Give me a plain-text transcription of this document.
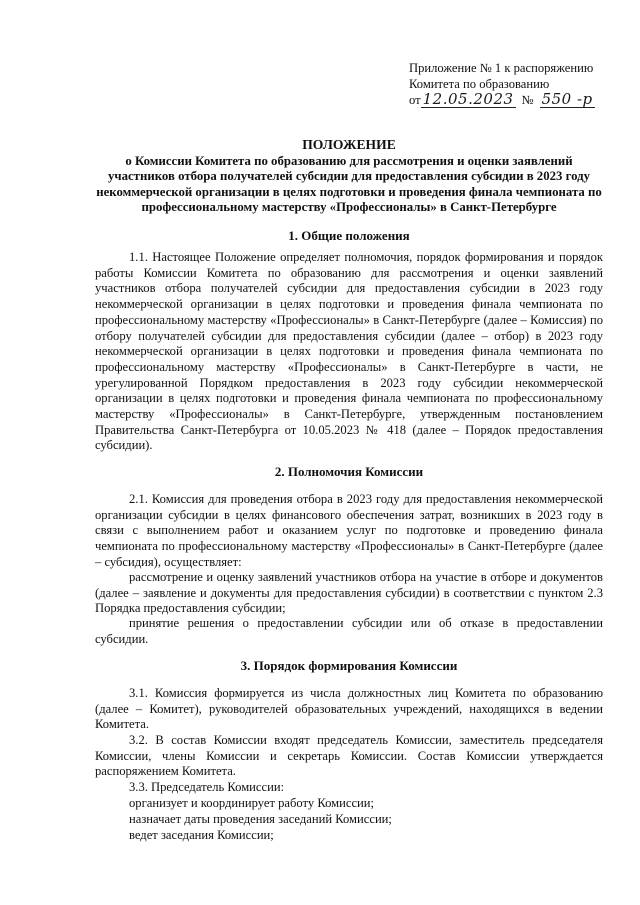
Приложение № 1 к распоряжению
Комитета по образованию
от 12.05.2023 № 550 -р
ПОЛОЖЕНИЕ
о Комиссии Комитета по образованию для рассмотрения и оценки заявлений участников отбора получателей субсидии для предоставления субсидии в 2023 году некоммерческой организации в целях подготовки и проведения финала чемпионата по профессиональному мастерству «Профессионалы» в Санкт-Петербурге
1. Общие положения

1.1. Настоящее Положение определяет полномочия, порядок формирования и порядок работы Комиссии Комитета по образованию для рассмотрения и оценки заявлений участников отбора получателей субсидии для предоставления субсидии в 2023 году некоммерческой организации в целях подготовки и проведения финала чемпионата по профессиональному мастерству «Профессионалы» в Санкт-Петербурге (далее – Комиссия) по отбору получателей субсидии для предоставления субсидии (далее – отбор) в 2023 году некоммерческой организации в целях подготовки и проведения финала чемпионата по профессиональному мастерству «Профессионалы» в Санкт-Петербурге в части, не урегулированной Порядком предоставления в 2023 году субсидии некоммерческой организации в целях подготовки и проведения финала чемпионата по профессиональному мастерству «Профессионалы» в Санкт-Петербурге, утвержденным постановлением Правительства Санкт-Петербурга от 10.05.2023 № 418 (далее – Порядок предоставления субсидии).

2. Полномочия Комиссии

2.1. Комиссия для проведения отбора в 2023 году для предоставления некоммерческой организации субсидии в целях финансового обеспечения затрат, возникших в 2023 году в связи с выполнением работ и оказанием услуг по подготовке и проведению финала чемпионата по профессиональному мастерству «Профессионалы» в Санкт-Петербурге (далее – субсидия), осуществляет:

рассмотрение и оценку заявлений участников отбора на участие в отборе и документов (далее – заявление и документы для предоставления субсидии) в соответствии с пунктом 2.3 Порядка предоставления субсидии;

принятие решения о предоставлении субсидии или об отказе в предоставлении субсидии.

3. Порядок формирования Комиссии

3.1. Комиссия формируется из числа должностных лиц Комитета по образованию (далее – Комитет), руководителей образовательных учреждений, находящихся в ведении Комитета.

3.2. В состав Комиссии входят председатель Комиссии, заместитель председателя Комиссии, члены Комиссии и секретарь Комиссии. Состав Комиссии утверждается распоряжением Комитета.

3.3. Председатель Комиссии:

организует и координирует работу Комиссии;

назначает даты проведения заседаний Комиссии;

ведет заседания Комиссии;
